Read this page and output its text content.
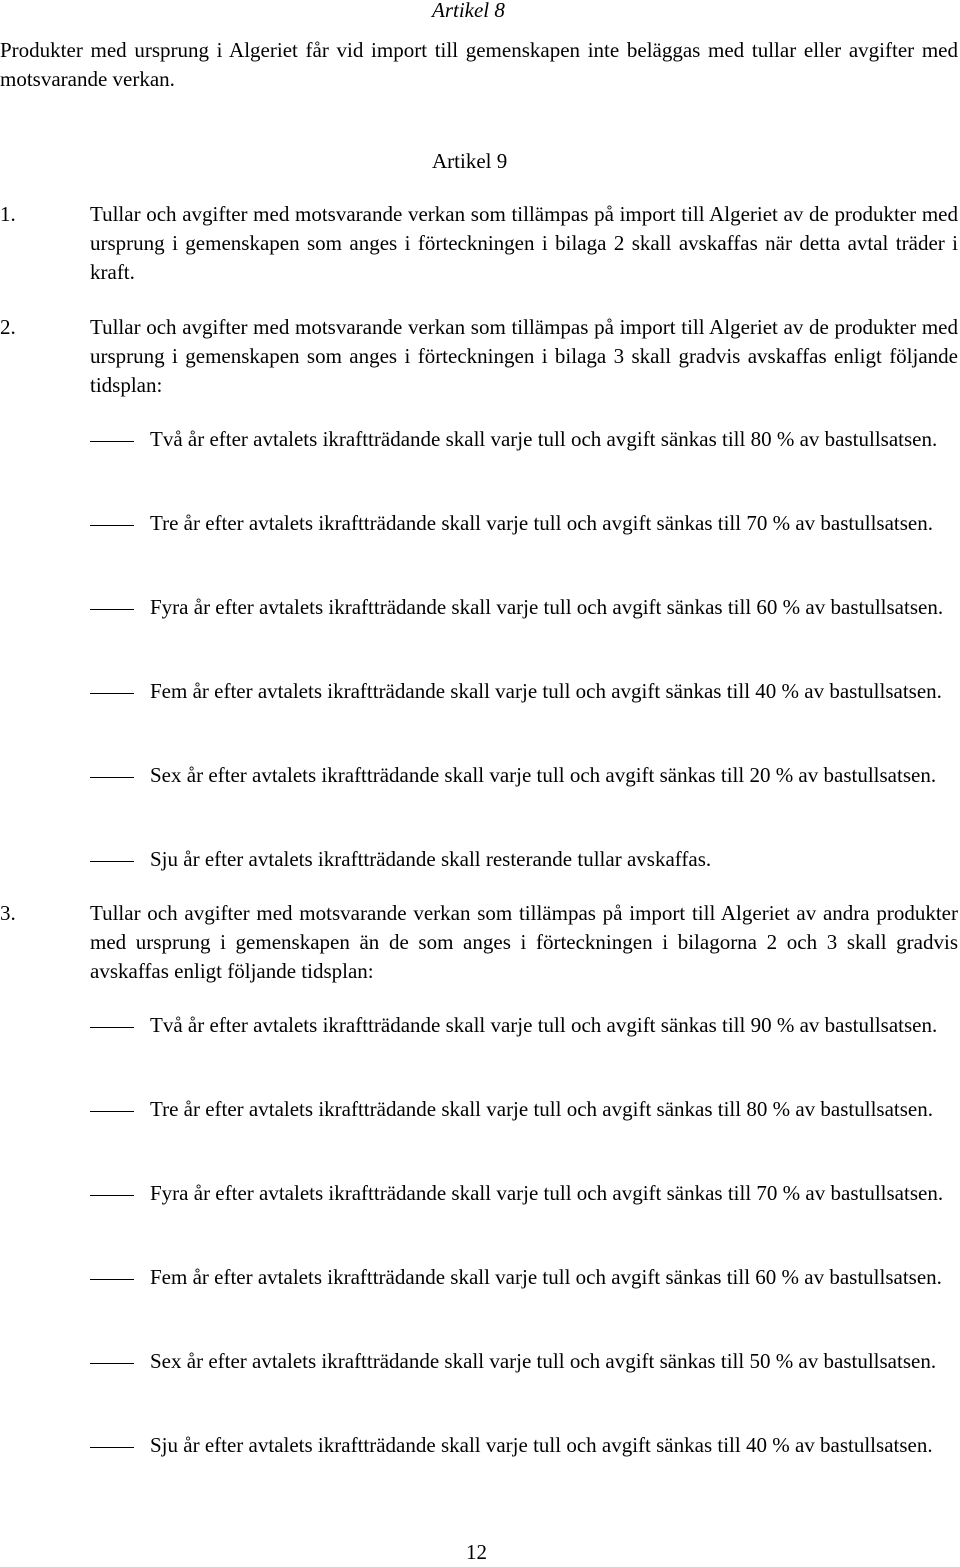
Artikel 8
Produkter med ursprung i Algeriet får vid import till gemenskapen inte beläggas med tullar eller avgifter med motsvarande verkan.
Artikel 9
1.	Tullar och avgifter med motsvarande verkan som tillämpas på import till Algeriet av de produkter med ursprung i gemenskapen som anges i förteckningen i bilaga 2 skall avskaffas när detta avtal träder i kraft.
2.	Tullar och avgifter med motsvarande verkan som tillämpas på import till Algeriet av de produkter med ursprung i gemenskapen som anges i förteckningen i bilaga 3 skall gradvis avskaffas enligt följande tidsplan:
Två år efter avtalets ikraftträdande skall varje tull och avgift sänkas till 80 % av bastullsatsen.
Tre år efter avtalets ikraftträdande skall varje tull och avgift sänkas till 70 % av bastullsatsen.
Fyra år efter avtalets ikraftträdande skall varje tull och avgift sänkas till 60 % av bastullsatsen.
Fem år efter avtalets ikraftträdande skall varje tull och avgift sänkas till 40 % av bastullsatsen.
Sex år efter avtalets ikraftträdande skall varje tull och avgift sänkas till 20 % av bastullsatsen.
Sju år efter avtalets ikraftträdande skall resterande tullar avskaffas.
3.	Tullar och avgifter med motsvarande verkan som tillämpas på import till Algeriet av andra produkter med ursprung i gemenskapen än de som anges i förteckningen i bilagorna 2 och 3 skall gradvis avskaffas enligt följande tidsplan:
Två år efter avtalets ikraftträdande skall varje tull och avgift sänkas till 90 % av bastullsatsen.
Tre år efter avtalets ikraftträdande skall varje tull och avgift sänkas till 80 % av bastullsatsen.
Fyra år efter avtalets ikraftträdande skall varje tull och avgift sänkas till 70 % av bastullsatsen.
Fem år efter avtalets ikraftträdande skall varje tull och avgift sänkas till 60 % av bastullsatsen.
Sex år efter avtalets ikraftträdande skall varje tull och avgift sänkas till 50 % av bastullsatsen.
Sju år efter avtalets ikraftträdande skall varje tull och avgift sänkas till 40 % av bastullsatsen.
12
